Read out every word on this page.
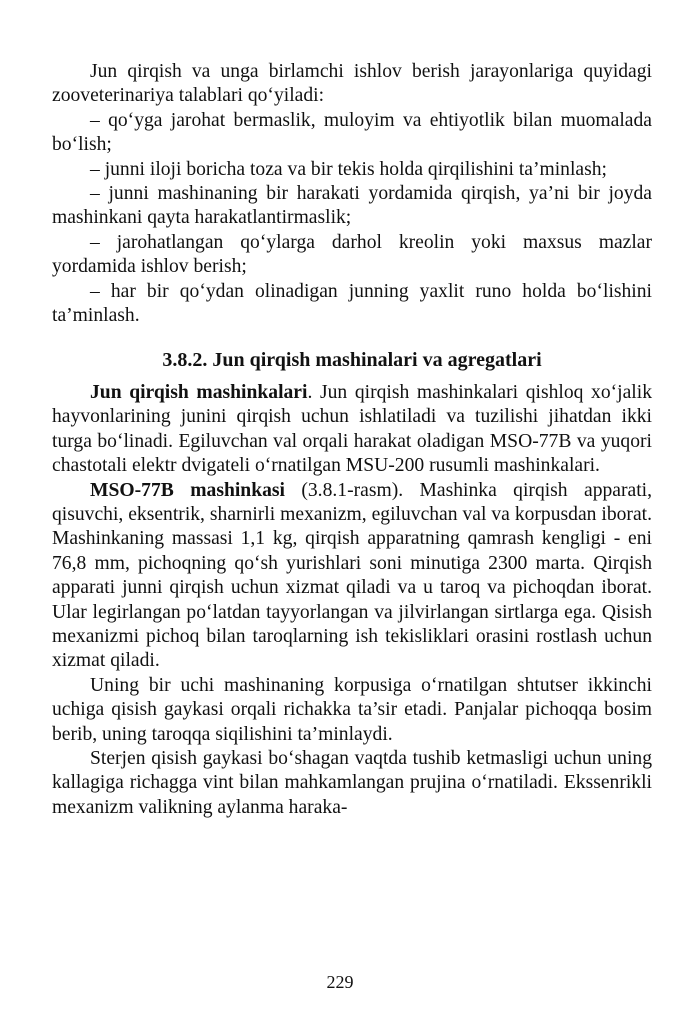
Jun qirqish va unga birlamchi ishlov berish jarayonlariga quyidagi zooveterinariya talablari qo‘yiladi:

– qo‘yga jarohat bermaslik, muloyim va ehtiyotlik bilan muomalada bo‘lish;

– junni iloji boricha toza va bir tekis holda qirqilishini ta’minlash;

– junni mashinaning bir harakati yordamida qirqish, ya’ni bir joyda mashinkani qayta harakatlantirmaslik;

– jarohatlangan qo‘ylarga darhol kreolin yoki maxsus mazlar yordamida ishlov berish;

– har bir qo‘ydan olinadigan junning yaxlit runo holda bo‘lishini ta’minlash.

3.8.2. Jun qirqish mashinalari va agregatlari

Jun qirqish mashinkalari. Jun qirqish mashinkalari qishloq xo‘jalik hayvonlarining junini qirqish uchun ishlatiladi va tuzilishi jihatdan ikki turga bo‘linadi. Egiluvchan val orqali harakat oladigan MSO-77B va yuqori chastotali elektr dvigateli o‘rnatilgan MSU-200 rusumli mashinkalari.

MSO-77B mashinkasi (3.8.1-rasm). Mashinka qirqish apparati, qisuvchi, eksentrik, sharnirli mexanizm, egiluvchan val va korpusdan iborat. Mashinkaning massasi 1,1 kg, qirqish apparatning qamrash kengligi - eni 76,8 mm, pichoqning qo‘sh yurishlari soni minutiga 2300 marta. Qirqish apparati junni qirqish uchun xizmat qiladi va u taroq va pichoqdan iborat. Ular legirlangan po‘latdan tayyorlangan va jilvirlangan sirtlarga ega. Qisish mexanizmi pichoq bilan taroqlarning ish tekisliklari orasini rostlash uchun xizmat qiladi.

Uning bir uchi mashinaning korpusiga o‘rnatilgan shtutser ikkinchi uchiga qisish gaykasi orqali richakka ta’sir etadi. Panjalar pichoqqa bosim berib, uning taroqqa siqilishini ta’minlaydi.

Sterjen qisish gaykasi bo‘shagan vaqtda tushib ketmasligi uchun uning kallagiga richagga vint bilan mahkamlangan prujina o‘rnatiladi. Ekssenrikli mexanizm valikning aylanma haraka-

229
